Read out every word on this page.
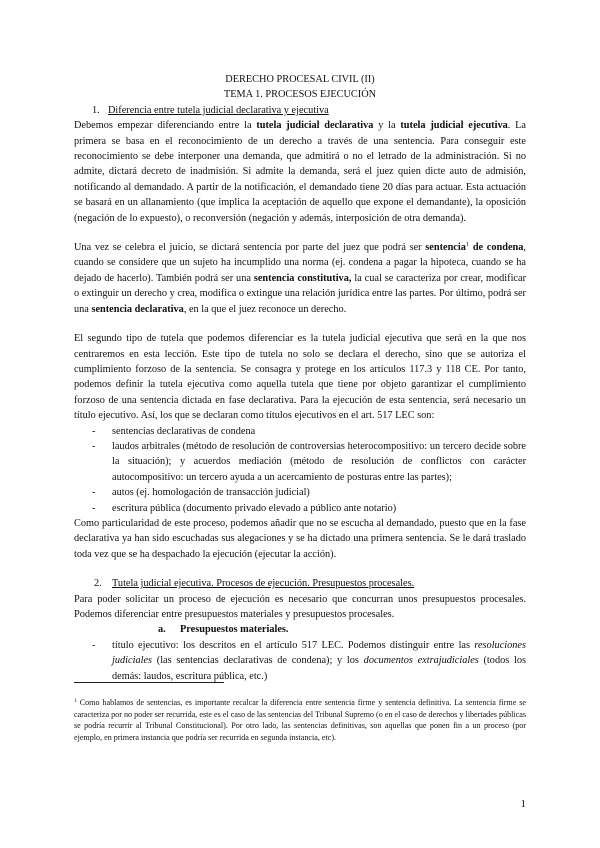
DERECHO PROCESAL CIVIL (II)

TEMA 1. PROCESOS EJECUCIÓN

1. Diferencia entre tutela judicial declarativa y ejecutiva

Debemos empezar diferenciando entre la tutela judicial declarativa y la tutela judicial ejecutiva. La primera se basa en el reconocimiento de un derecho a través de una sentencia. Para conseguir este reconocimiento se debe interponer una demanda, que admitirá o no el letrado de la administración. Si no admite, dictará decreto de inadmisión. Si admite la demanda, será el juez quien dicte auto de admisión, notificando al demandado. A partir de la notificación, el demandado tiene 20 días para actuar. Esta actuación se basará en un allanamiento (que implica la aceptación de aquello que expone el demandante), la oposición (negación de lo expuesto), o reconversión (negación y además, interposición de otra demanda).

Una vez se celebra el juicio, se dictará sentencia por parte del juez que podrá ser sentencia$^1$ de condena, cuando se considere que un sujeto ha incumplido una norma (ej. condena a pagar la hipoteca, cuando se ha dejado de hacerlo). También podrá ser una sentencia constitutiva, la cual se caracteriza por crear, modificar o extinguir un derecho y crea, modifica o extingue una relación jurídica entre las partes. Por último, podrá ser una sentencia declarativa, en la que el juez reconoce un derecho.

El segundo tipo de tutela que podemos diferenciar es la tutela judicial ejecutiva que será en la que nos centraremos en esta lección. Este tipo de tutela no solo se declara el derecho, sino que se autoriza el cumplimiento forzoso de la sentencia. Se consagra y protege en los artículos 117.3 y 118 CE. Por tanto, podemos definir la tutela ejecutiva como aquella tutela que tiene por objeto garantizar el cumplimiento forzoso de una sentencia dictada en fase declarativa. Para la ejecución de esta sentencia, será necesario un título ejecutivo. Así, los que se declaran como títulos ejecutivos en el art. 517 LEC son:

-	sentencias declarativas de condena
-	laudos arbitrales (método de resolución de controversias heterocompositivo: un tercero decide sobre la situación); y acuerdos mediación (método de resolución de conflictos con carácter autocompositivo: un tercero ayuda a un acercamiento de posturas entre las partes);
-	autos (ej. homologación de transacción judicial)
-	escritura pública (documento privado elevado a público ante notario)

Como particularidad de este proceso, podemos añadir que no se escucha al demandado, puesto que en la fase declarativa ya han sido escuchadas sus alegaciones y se ha dictado una primera sentencia. Se le dará traslado toda vez que se ha despachado la ejecución (ejecutar la acción).

2. Tutela judicial ejecutiva. Procesos de ejecución. Presupuestos procesales.

Para poder solicitar un proceso de ejecución es necesario que concurran unos presupuestos procesales. Podemos diferenciar entre presupuestos materiales y presupuestos procesales.

a.	Presupuestos materiales.
-	título ejecutivo: los descritos en el artículo 517 LEC. Podemos distinguir entre las resoluciones judiciales (las sentencias declarativas de condena); y los documentos extrajudiciales (todos los demás: laudos, escritura pública, etc.)

$^1$ Como hablamos de sentencias, es importante recalcar la diferencia entre sentencia firme y sentencia definitiva. La sentencia firme se caracteriza por no poder ser recurrida, este es el caso de las sentencias del Tribunal Supremo (o en el caso de derechos y libertades públicas se podría recurrir al Tribunal Constitucional). Por otro lado, las sentencias definitivas, son aquellas que ponen fin a un proceso (por ejemplo, en primera instancia que podría ser recurrida en segunda instancia, etc).

1
